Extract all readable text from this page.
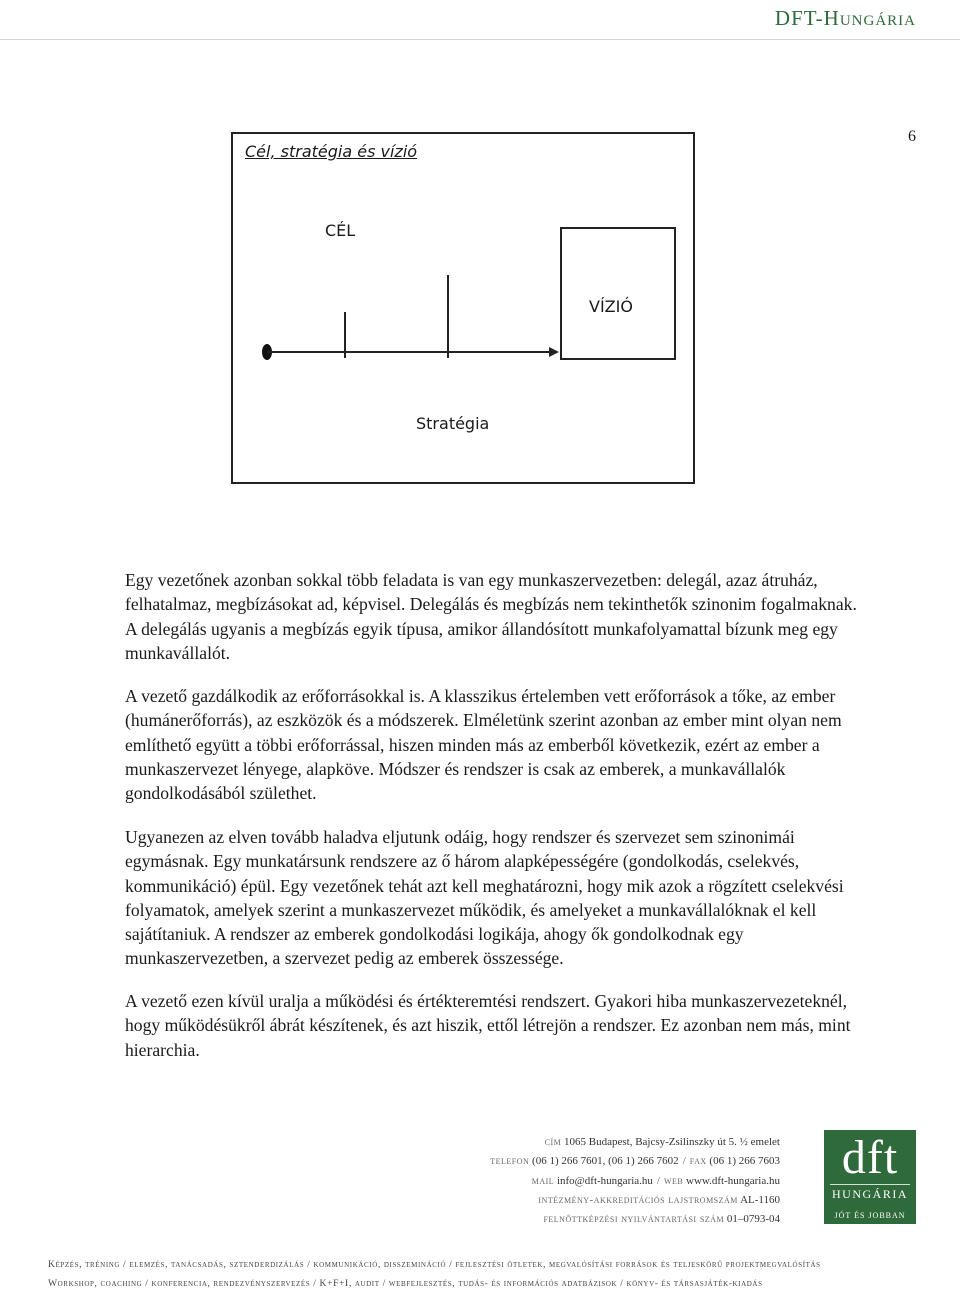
DFT-Hungária
6
Cél, stratégia és vízió
CÉL
VÍZIÓ
Stratégia

Egy vezetőnek azonban sokkal több feladata is van egy munkaszervezetben: delegál, azaz átruház, felhatalmaz, megbízásokat ad, képvisel. Delegálás és megbízás nem tekinthetők szinonim fogalmaknak. A delegálás ugyanis a megbízás egyik típusa, amikor állandósított munkafolyamattal bízunk meg egy munkavállalót.

A vezető gazdálkodik az erőforrásokkal is. A klasszikus értelemben vett erőforrások a tőke, az ember (humánerőforrás), az eszközök és a módszerek. Elméletünk szerint azonban az ember mint olyan nem említhető együtt a többi erőforrással, hiszen minden más az emberből következik, ezért az ember a munkaszervezet lényege, alapköve. Módszer és rendszer is csak az emberek, a munkavállalók gondolkodásából születhet.

Ugyanezen az elven tovább haladva eljutunk odáig, hogy rendszer és szervezet sem szinonimái egymásnak. Egy munkatársunk rendszere az ő három alapképességére (gondolkodás, cselekvés, kommunikáció) épül. Egy vezetőnek tehát azt kell meghatározni, hogy mik azok a rögzített cselekvési folyamatok, amelyek szerint a munkaszervezet működik, és amelyeket a munkavállalóknak el kell sajátítaniuk. A rendszer az emberek gondolkodási logikája, ahogy ők gondolkodnak egy munkaszervezetben, a szervezet pedig az emberek összessége.

A vezető ezen kívül uralja a működési és értékteremtési rendszert. Gyakori hiba munkaszervezeteknél, hogy működésükről ábrát készítenek, és azt hiszik, ettől létrejön a rendszer. Ez azonban nem más, mint hierarchia.

cím 1065 Budapest, Bajcsy-Zsilinszky út 5. ½ emelet
telefon (06 1) 266 7601, (06 1) 266 7602 / fax (06 1) 266 7603
mail info@dft-hungaria.hu / web www.dft-hungaria.hu
intézmény-akkreditációs lajstromszám AL-1160
felnőttképzési nyilvántartási szám 01–0793-04
dft
HUNGÁRIA
JÓT ÉS JOBBAN
Képzés, tréning / elemzés, tanácsadás, sztenderdizálás / kommunikáció, disszemináció / fejlesztési ötletek, megvalósítási források és teljeskörű projektmegvalósítás
Workshop, coaching / konferencia, rendezvényszervezés / K+F+I, audit / webfejlesztés, tudás- és információs adatbázisok / könyv- és társasjáték-kiadás
